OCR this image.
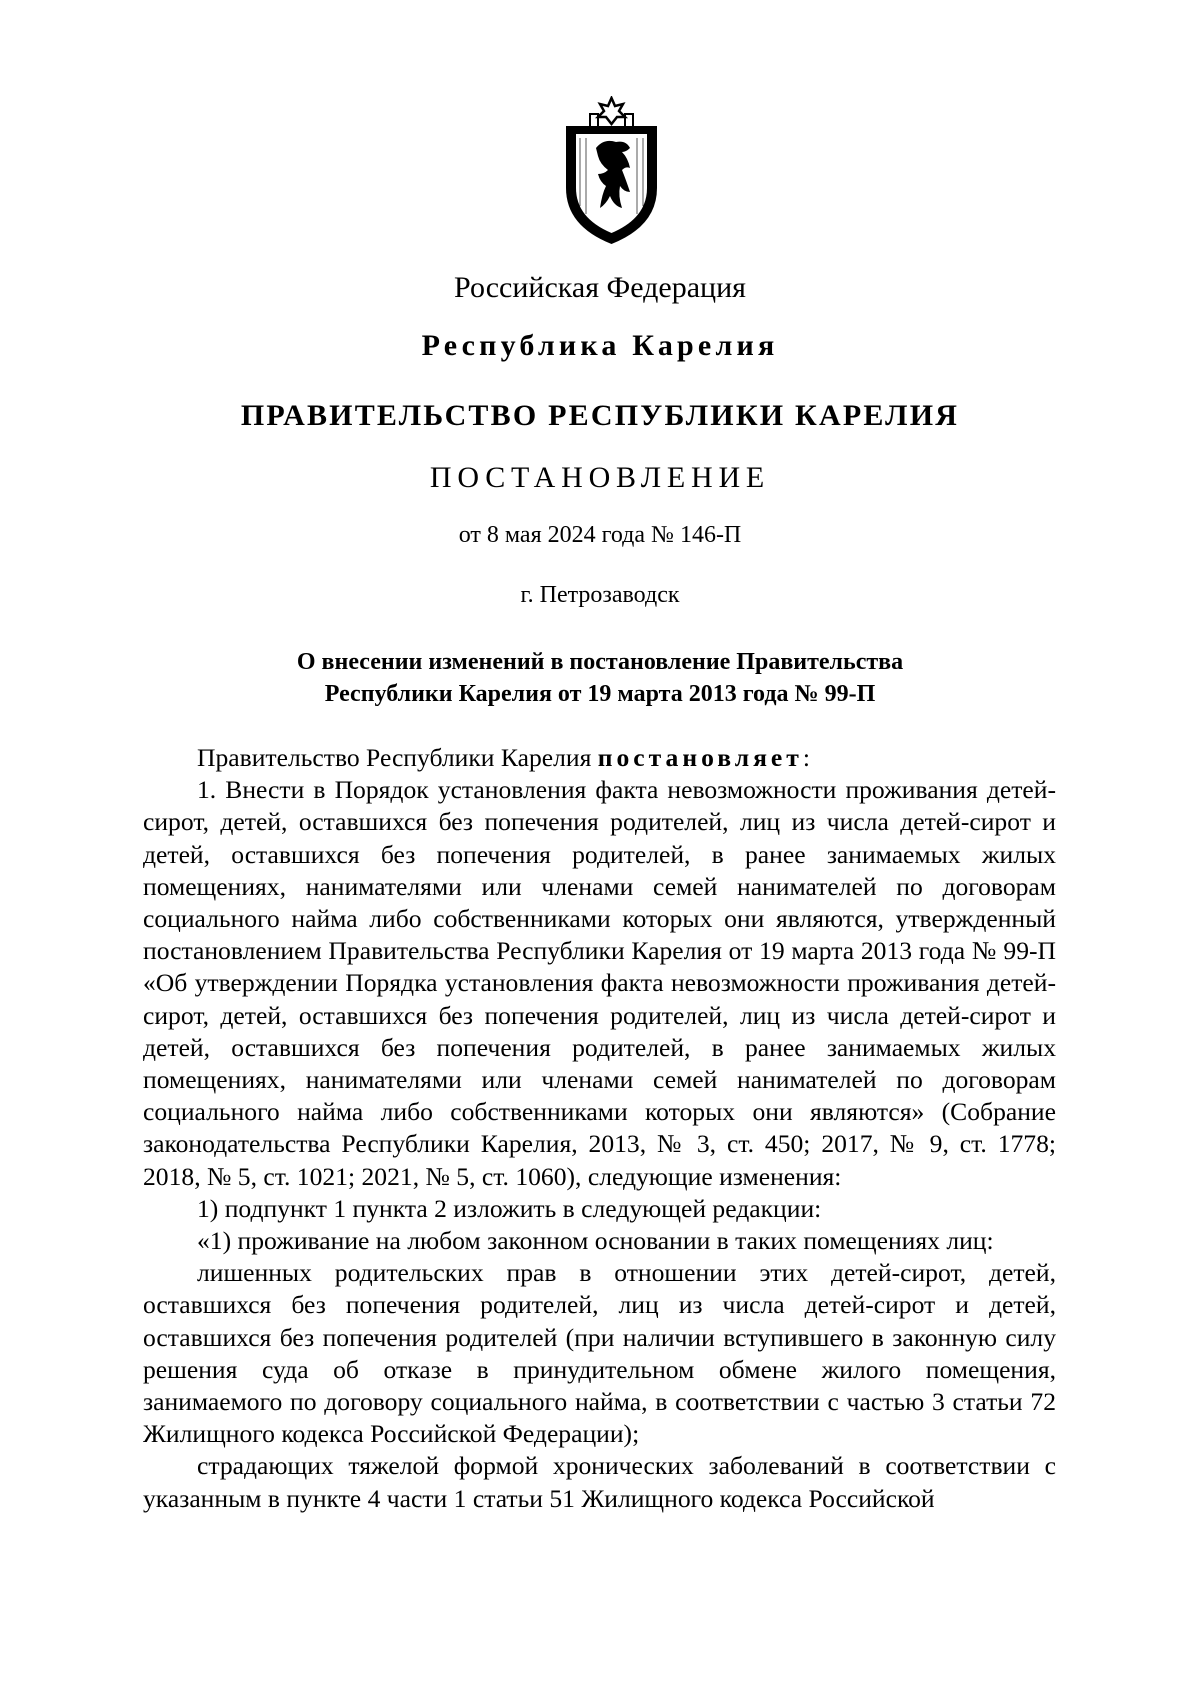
Российская Федерация
Республика Карелия
ПРАВИТЕЛЬСТВО РЕСПУБЛИКИ КАРЕЛИЯ
ПОСТАНОВЛЕНИЕ
от 8 мая 2024 года № 146-П
г. Петрозаводск
О внесении изменений в постановление Правительства
Республики Карелия от 19 марта 2013 года № 99-П

Правительство Республики Карелия постановляет:

1. Внести в Порядок установления факта невозможности проживания детей-сирот, детей, оставшихся без попечения родителей, лиц из числа детей-сирот и детей, оставшихся без попечения родителей, в ранее занимаемых жилых помещениях, нанимателями или членами семей нанимателей по договорам социального найма либо собственниками которых они являются, утвержденный постановлением Правительства Республики Карелия от 19 марта 2013 года № 99-П «Об утверждении Порядка установления факта невозможности проживания детей-сирот, детей, оставшихся без попечения родителей, лиц из числа детей-сирот и детей, оставшихся без попечения родителей, в ранее занимаемых жилых помещениях, нанимателями или членами семей нанимателей по договорам социального найма либо собственниками которых они являются» (Собрание законодательства Республики Карелия, 2013, № 3, ст. 450; 2017, № 9, ст. 1778; 2018, № 5, ст. 1021; 2021, № 5, ст. 1060), следующие изменения:

1) подпункт 1 пункта 2 изложить в следующей редакции:

«1) проживание на любом законном основании в таких помещениях лиц:

лишенных родительских прав в отношении этих детей-сирот, детей, оставшихся без попечения родителей, лиц из числа детей-сирот и детей, оставшихся без попечения родителей (при наличии вступившего в законную силу решения суда об отказе в принудительном обмене жилого помещения, занимаемого по договору социального найма, в соответствии с частью 3 статьи 72 Жилищного кодекса Российской Федерации);

страдающих тяжелой формой хронических заболеваний в соответствии с указанным в пункте 4 части 1 статьи 51 Жилищного кодекса Российской
